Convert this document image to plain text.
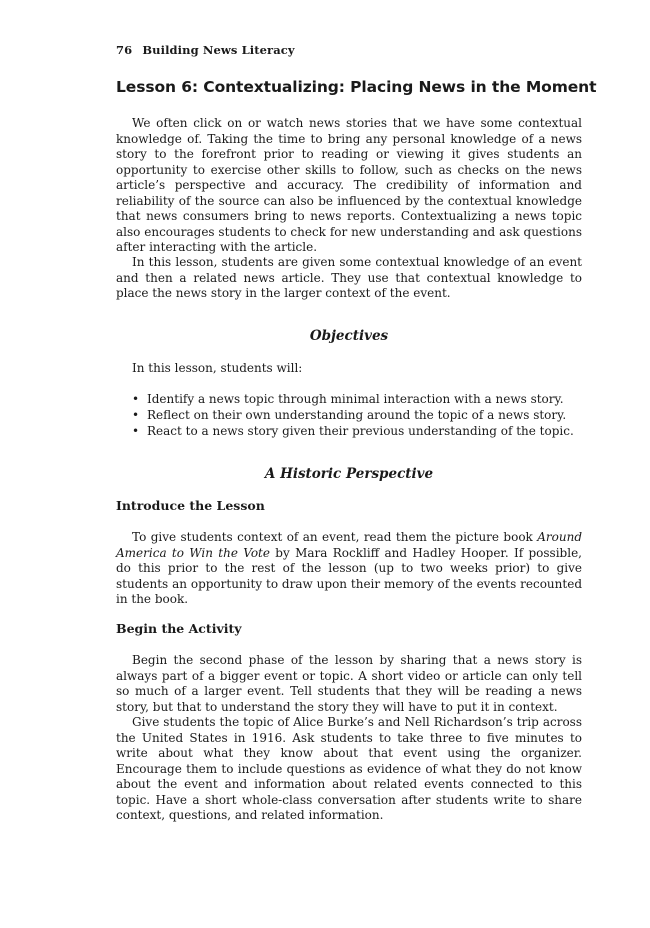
76 Building News Literacy
Lesson 6: Contextualizing: Placing News in the Moment

We often click on or watch news stories that we have some contextual knowledge of. Taking the time to bring any personal knowledge of a news story to the forefront prior to reading or viewing it gives students an opportunity to exercise other skills to follow, such as checks on the news article’s perspective and accuracy. The credibility of information and reliability of the source can also be influenced by the contextual knowledge that news consumers bring to news reports. Contextualizing a news topic also encourages students to check for new understanding and ask questions after interacting with the article.

In this lesson, students are given some contextual knowledge of an event and then a related news article. They use that contextual knowledge to place the news story in the larger context of the event.

Objectives

In this lesson, students will:

• Identify a news topic through minimal interaction with a news story.
• Reflect on their own understanding around the topic of a news story.
• React to a news story given their previous understanding of the topic.
A Historic Perspective
Introduce the Lesson

To give students context of an event, read them the picture book Around America to Win the Vote by Mara Rockliff and Hadley Hooper. If possible, do this prior to the rest of the lesson (up to two weeks prior) to give students an opportunity to draw upon their memory of the events recounted in the book.

Begin the Activity

Begin the second phase of the lesson by sharing that a news story is always part of a bigger event or topic. A short video or article can only tell so much of a larger event. Tell students that they will be reading a news story, but that to understand the story they will have to put it in context.

Give students the topic of Alice Burke’s and Nell Richardson’s trip across the United States in 1916. Ask students to take three to five minutes to write about what they know about that event using the organizer. Encourage them to include questions as evidence of what they do not know about the event and information about related events connected to this topic. Have a short whole-class conversation after students write to share context, questions, and related information.
